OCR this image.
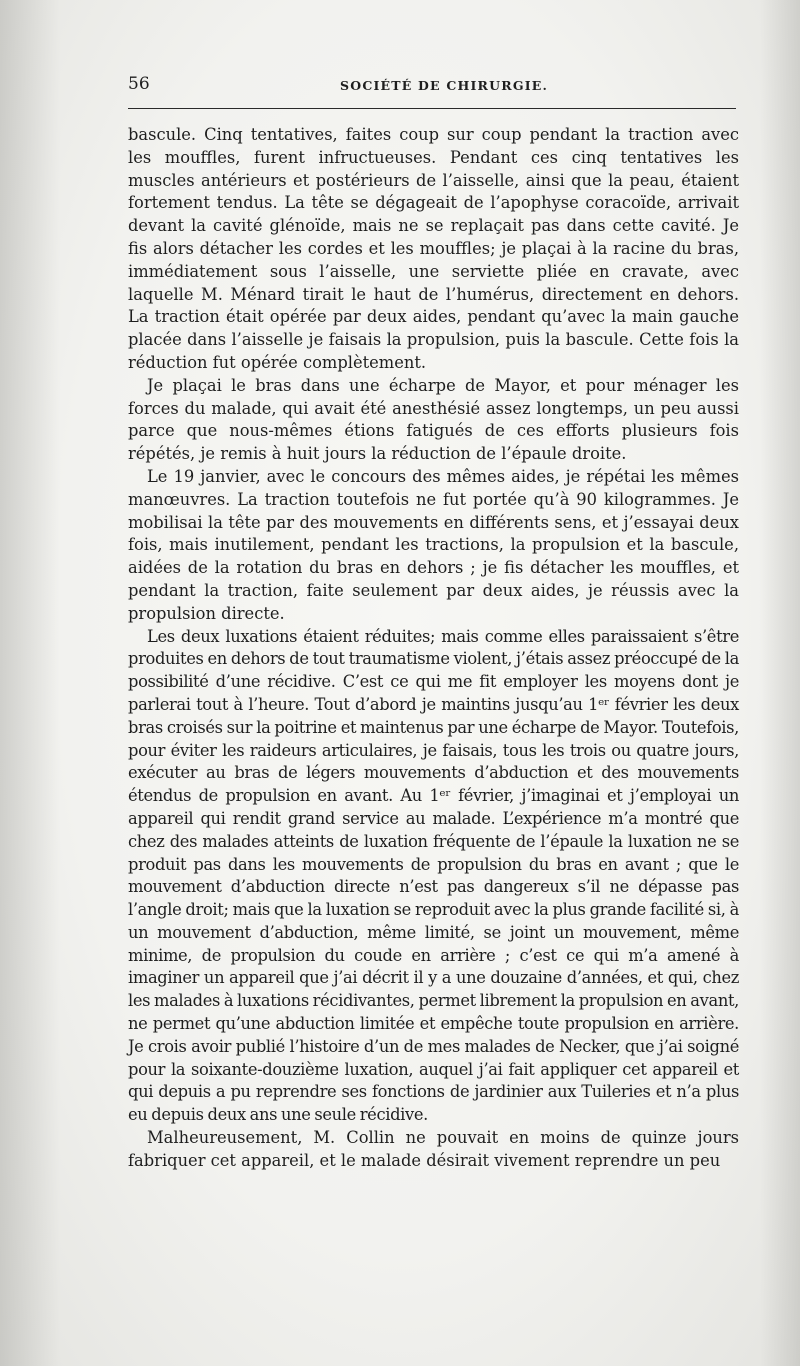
56	SOCIÉTÉ DE CHIRURGIE.

bascule. Cinq tentatives, faites coup sur coup pendant la traction avec les mouffles, furent infructueuses. Pendant ces cinq tentatives les muscles antérieurs et postérieurs de l’aisselle, ainsi que la peau, étaient fortement tendus. La tête se dégageait de l’apophyse coracoïde, arrivait devant la cavité glénoïde, mais ne se replaçait pas dans cette cavité. Je fis alors détacher les cordes et les mouffles; je plaçai à la racine du bras, immédiatement sous l’aisselle, une serviette pliée en cravate, avec laquelle M. Ménard tirait le haut de l’humérus, directement en dehors. La traction était opérée par deux aides, pendant qu’avec la main gauche placée dans l’aisselle je faisais la propulsion, puis la bascule. Cette fois la réduction fut opérée complètement.

Je plaçai le bras dans une écharpe de Mayor, et pour ménager les forces du malade, qui avait été anesthésié assez longtemps, un peu aussi parce que nous-mêmes étions fatigués de ces efforts plusieurs fois répétés, je remis à huit jours la réduction de l’épaule droite.

Le 19 janvier, avec le concours des mêmes aides, je répétai les mêmes manœuvres. La traction toutefois ne fut portée qu’à 90 kilogrammes. Je mobilisai la tête par des mouvements en différents sens, et j’essayai deux fois, mais inutilement, pendant les tractions, la propulsion et la bascule, aidées de la rotation du bras en dehors ; je fis détacher les mouffles, et pendant la traction, faite seulement par deux aides, je réussis avec la propulsion directe.

Les deux luxations étaient réduites; mais comme elles paraissaient s’être produites en dehors de tout traumatisme violent, j’étais assez préoccupé de la possibilité d’une récidive. C’est ce qui me fit employer les moyens dont je parlerai tout à l’heure. Tout d’abord je maintins jusqu’au 1ᵉʳ février les deux bras croisés sur la poitrine et maintenus par une écharpe de Mayor. Toutefois, pour éviter les raideurs articulaires, je faisais, tous les trois ou quatre jours, exécuter au bras de légers mouvements d’abduction et des mouvements étendus de propulsion en avant. Au 1ᵉʳ février, j’imaginai et j’employai un appareil qui rendit grand service au malade. L’expérience m’a montré que chez des malades atteints de luxation fréquente de l’épaule la luxation ne se produit pas dans les mouvements de propulsion du bras en avant ; que le mouvement d’abduction directe n’est pas dangereux s’il ne dépasse pas l’angle droit; mais que la luxation se reproduit avec la plus grande facilité si, à un mouvement d’abduction, même limité, se joint un mouvement, même minime, de propulsion du coude en arrière ; c’est ce qui m’a amené à imaginer un appareil que j’ai décrit il y a une douzaine d’années, et qui, chez les malades à luxations récidivantes, permet librement la propulsion en avant, ne permet qu’une abduction limitée et empêche toute propulsion en arrière. Je crois avoir publié l’histoire d’un de mes malades de Necker, que j’ai soigné pour la soixante-douzième luxation, auquel j’ai fait appliquer cet appareil et qui depuis a pu reprendre ses fonctions de jardinier aux Tuileries et n’a plus eu depuis deux ans une seule récidive.

Malheureusement, M. Collin ne pouvait en moins de quinze jours fabriquer cet appareil, et le malade désirait vivement reprendre un peu
